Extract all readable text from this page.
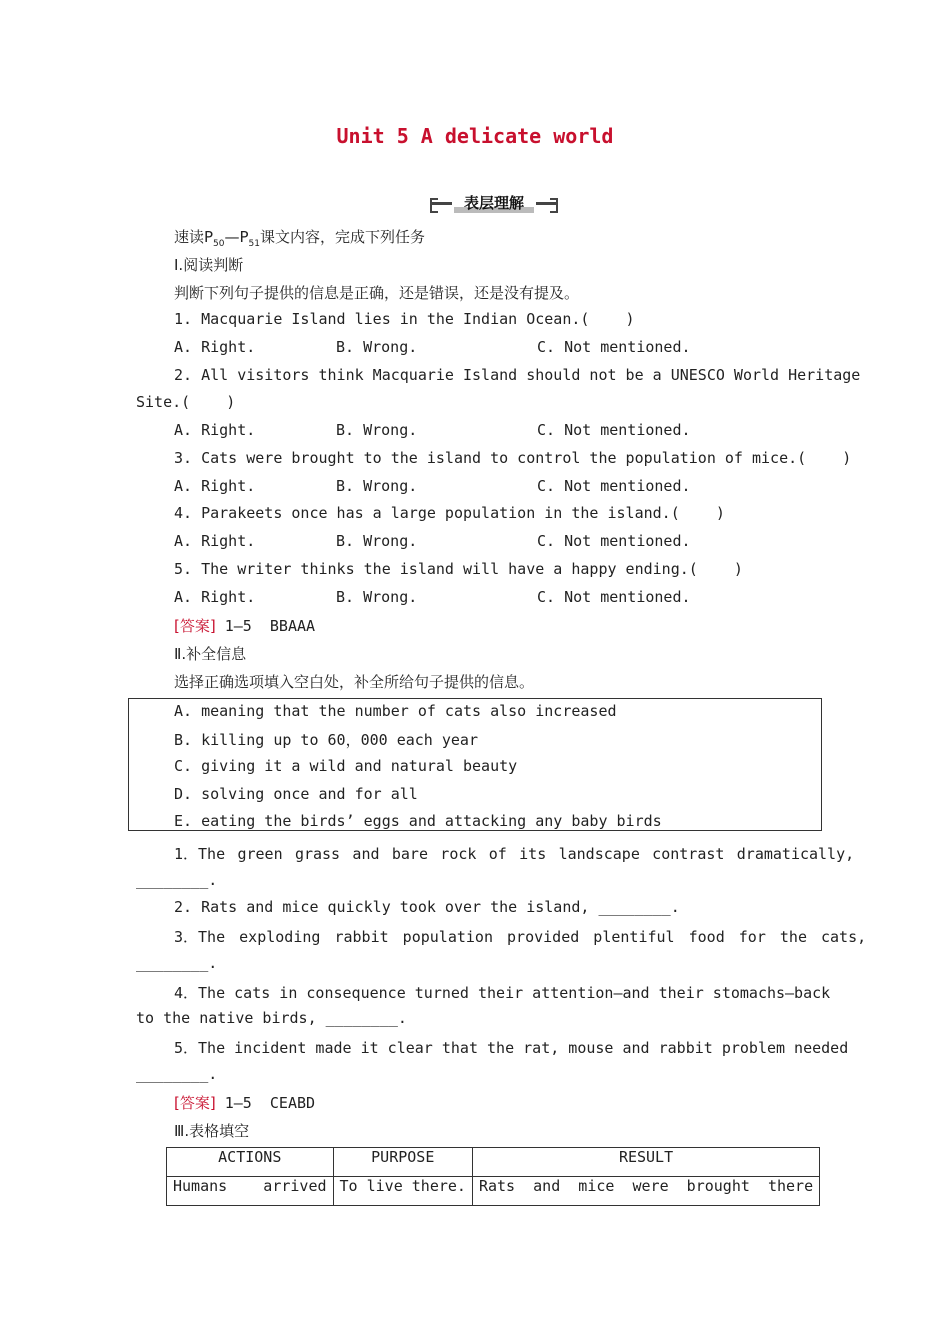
Unit 5 A delicate world

表层理解

速读$P_{50}—P_{51}$课文内容，完成下列任务
Ⅰ.阅读判断
判断下列句子提供的信息是正确，还是错误，还是没有提及。
1. Macquarie Island lies in the Indian Ocean.(    )
A. Right.	B. Wrong.	C. Not mentioned.
2. All visitors think Macquarie Island should not be a UNESCO World Heritage
Site.(    )
A. Right.	B. Wrong.	C. Not mentioned.
3. Cats were brought to the island to control the population of mice.(    )
A. Right.	B. Wrong.	C. Not mentioned.
4. Parakeets once has a large population in the island.(    )
A. Right.	B. Wrong.	C. Not mentioned.
5. The writer thinks the island will have a happy ending.(    )
A. Right.	B. Wrong.	C. Not mentioned.
[答案] 1—5  BBAAA
Ⅱ.补全信息
选择正确选项填入空白处，补全所给句子提供的信息。
A. meaning that the number of cats also increased
B. killing up to 60，000 each year
C. giving it a wild and natural beauty
D. solving once and for all
E. eating the birds’ eggs and attacking any baby birds
1．The green grass and bare rock of its landscape contrast dramatically,
________.
2. Rats and mice quickly took over the island, ________.
3．The exploding rabbit population provided plentiful food for the cats,
________.
4．The cats in consequence turned their attention—and their stomachs—back
to the native birds, ________.
5．The incident made it clear that the rat, mouse and rabbit problem needed
________.
[答案] 1—5  CEABD
Ⅲ.表格填空
ACTIONS	PURPOSE	RESULT
Humans    arrived	To live there.	Rats  and  mice  were  brought  there
